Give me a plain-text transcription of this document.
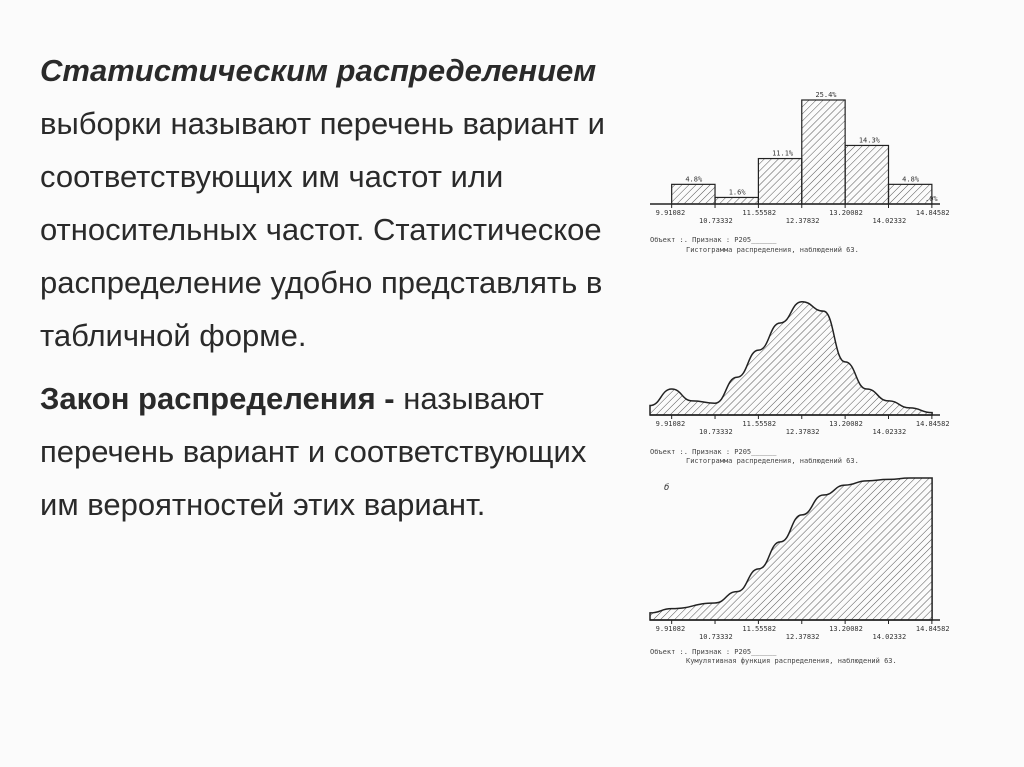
Статистическим распределением выборки называют перечень вариант и соответствующих им частот или относительных частот. Статистическое распределение удобно представлять в табличной форме.

Закон распределения - называют перечень вариант и соответствующих им вероятностей этих вариант.

4.8%
1.6%
11.1%
25.4%
14.3%
4.8%
9.91082	11.55582	13.20082	14.84582
10.73332	12.37832	14.02332
.0%
Объект :. Признак : Р205______
Гистограмма распределения, наблюдений 63.
9.91082	11.55582	13.20082	14.84582
10.73332	12.37832	14.02332
Объект :. Признак : Р205______
Гистограмма распределения, наблюдений 63.
б
9.91082	11.55582	13.20082	14.84582
10.73332	12.37832	14.02332
Объект :. Признак : Р205______
Кумулятивная функция распределения, наблюдений 63.
